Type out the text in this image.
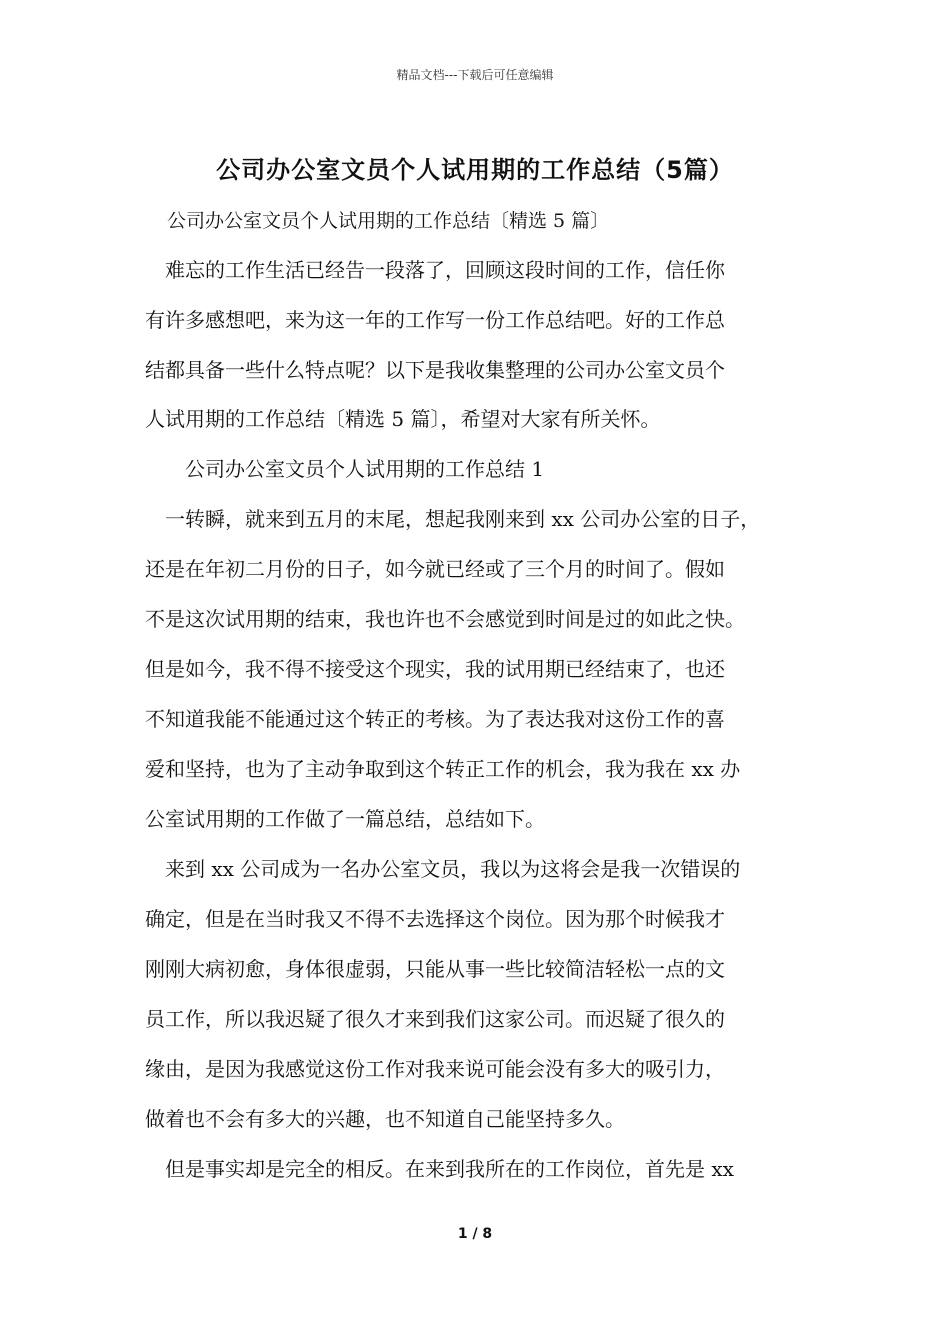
精品文档---下载后可任意编辑
公司办公室文员个人试用期的工作总结（5篇）
公司办公室文员个人试用期的工作总结〔精选 5 篇〕
　难忘的工作生活已经告一段落了，回顾这段时间的工作，信任你
有许多感想吧，来为这一年的工作写一份工作总结吧。好的工作总
结都具备一些什么特点呢？以下是我收集整理的公司办公室文员个
人试用期的工作总结〔精选 5 篇〕，希望对大家有所关怀。
　　公司办公室文员个人试用期的工作总结 1
　一转瞬，就来到五月的末尾，想起我刚来到 xx 公司办公室的日子，
还是在年初二月份的日子，如今就已经或了三个月的时间了。假如
不是这次试用期的结束，我也许也不会感觉到时间是过的如此之快。
但是如今，我不得不接受这个现实，我的试用期已经结束了，也还
不知道我能不能通过这个转正的考核。为了表达我对这份工作的喜
爱和坚持，也为了主动争取到这个转正工作的机会，我为我在 xx 办
公室试用期的工作做了一篇总结，总结如下。
　来到 xx 公司成为一名办公室文员，我以为这将会是我一次错误的
确定，但是在当时我又不得不去选择这个岗位。因为那个时候我才
刚刚大病初愈，身体很虚弱，只能从事一些比较简洁轻松一点的文
员工作，所以我迟疑了很久才来到我们这家公司。而迟疑了很久的
缘由，是因为我感觉这份工作对我来说可能会没有多大的吸引力，
做着也不会有多大的兴趣，也不知道自己能坚持多久。
　但是事实却是完全的相反。在来到我所在的工作岗位，首先是 xx
1 / 8
